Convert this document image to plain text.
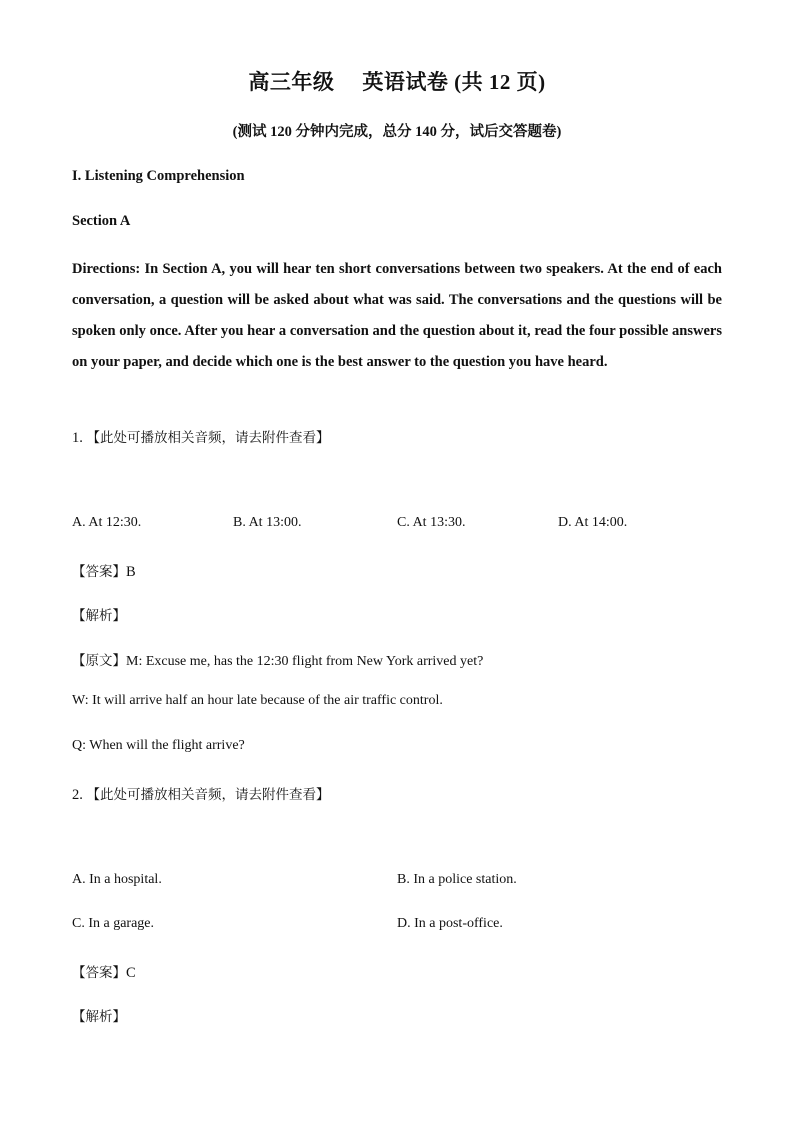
高三年级 英语试卷 (共 12 页)
(测试 120 分钟内完成，总分 140 分，试后交答题卷)
I. Listening Comprehension
Section A
Directions: In Section A, you will hear ten short conversations between two speakers. At the end of each conversation, a question will be asked about what was said. The conversations and the questions will be spoken only once. After you hear a conversation and the question about it, read the four possible answers on your paper, and decide which one is the best answer to the question you have heard.
1. 【此处可播放相关音频，请去附件查看】
A. At 12:30.	B. At 13:00.	C. At 13:30.	D. At 14:00.
【答案】B
【解析】
【原文】M: Excuse me, has the 12:30 flight from New York arrived yet?
W: It will arrive half an hour late because of the air traffic control.
Q: When will the flight arrive?
2. 【此处可播放相关音频，请去附件查看】
A. In a hospital.	B. In a police station.
C. In a garage.	D. In a post-office.
【答案】C
【解析】
